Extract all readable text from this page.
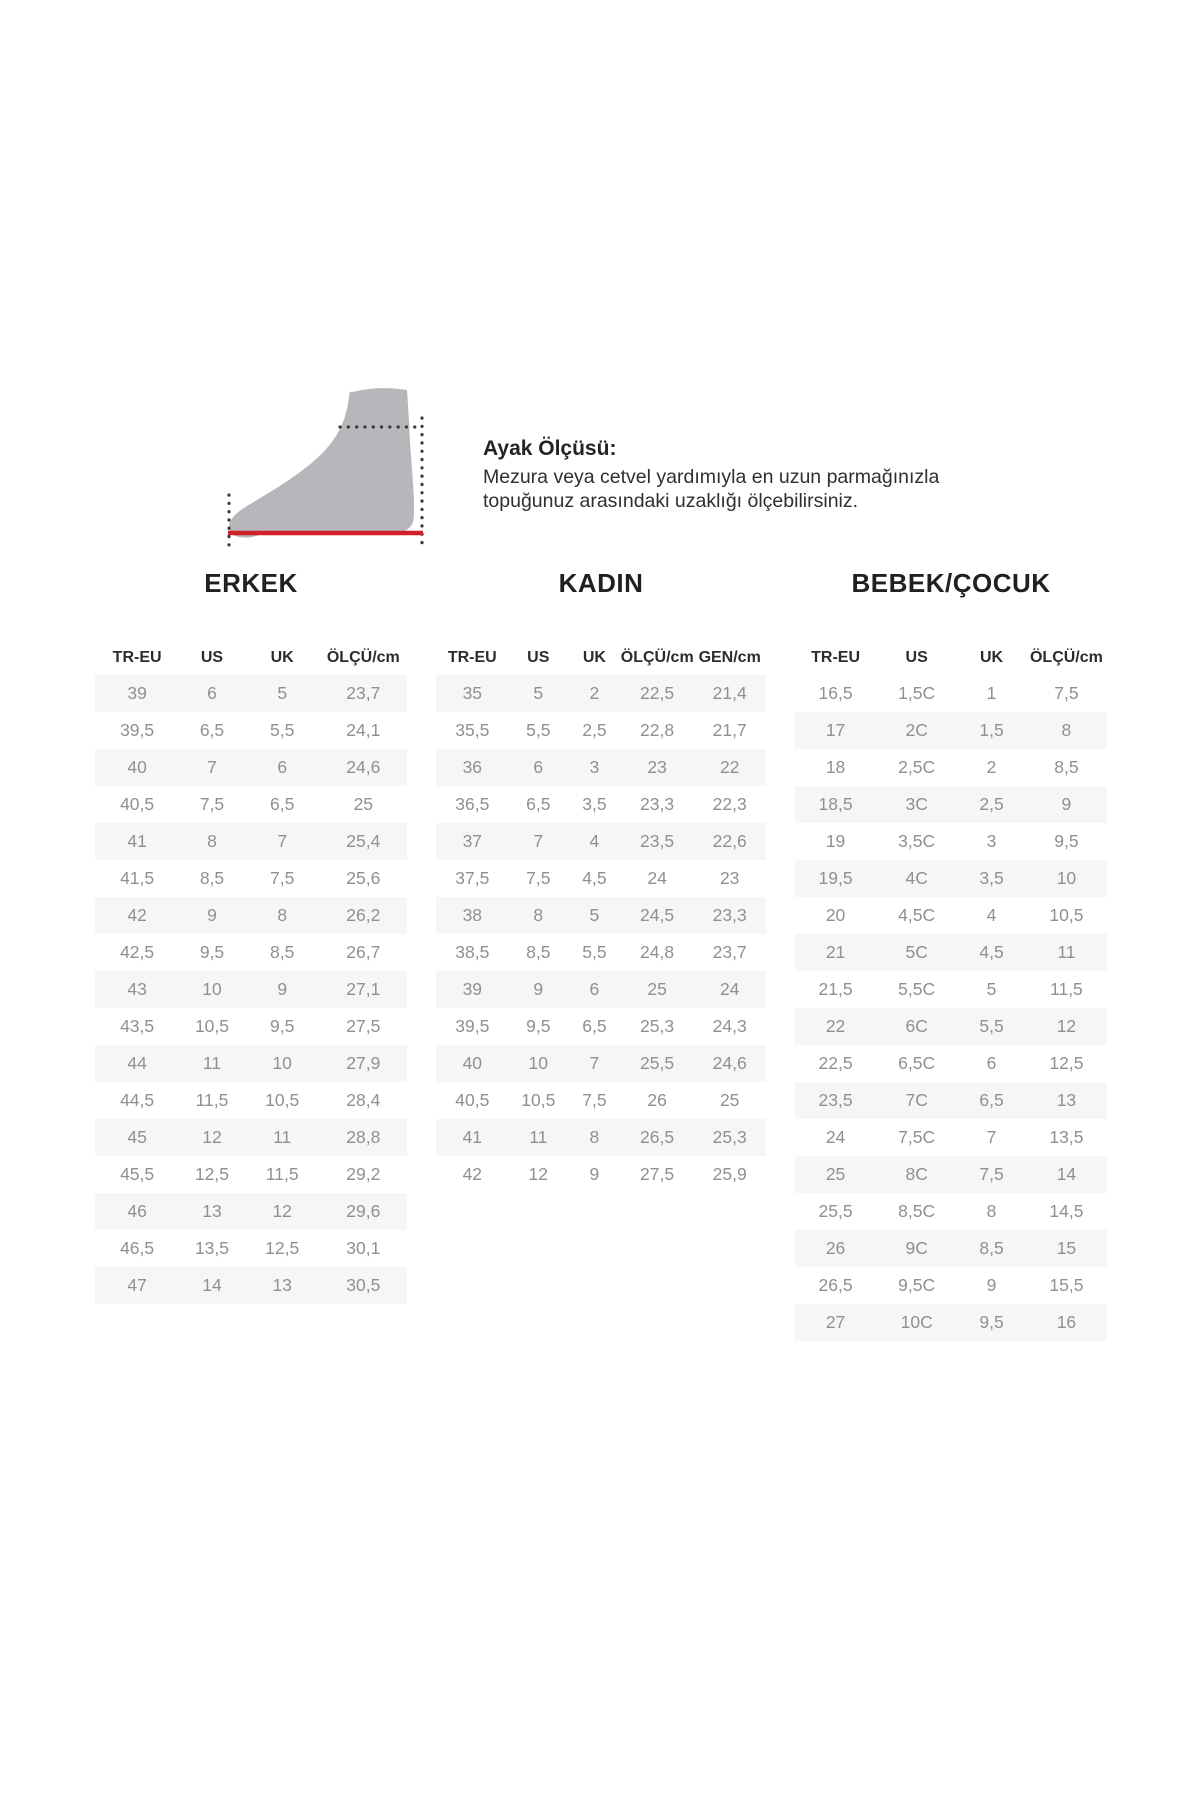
Ayak Ölçüsü:

Mezura veya cetvel yardımıyla en uzun parmağınızla

topuğunuz arasındaki uzaklığı ölçebilirsiniz.

ERKEK
TR-EU	US	UK	ÖLÇÜ/cm
39	6	5	23,7
39,5	6,5	5,5	24,1
40	7	6	24,6
40,5	7,5	6,5	25
41	8	7	25,4
41,5	8,5	7,5	25,6
42	9	8	26,2
42,5	9,5	8,5	26,7
43	10	9	27,1
43,5	10,5	9,5	27,5
44	11	10	27,9
44,5	11,5	10,5	28,4
45	12	11	28,8
45,5	12,5	11,5	29,2
46	13	12	29,6
46,5	13,5	12,5	30,1
47	14	13	30,5
KADIN
TR-EU	US	UK	ÖLÇÜ/cm	GEN/cm
35	5	2	22,5	21,4
35,5	5,5	2,5	22,8	21,7
36	6	3	23	22
36,5	6,5	3,5	23,3	22,3
37	7	4	23,5	22,6
37,5	7,5	4,5	24	23
38	8	5	24,5	23,3
38,5	8,5	5,5	24,8	23,7
39	9	6	25	24
39,5	9,5	6,5	25,3	24,3
40	10	7	25,5	24,6
40,5	10,5	7,5	26	25
41	11	8	26,5	25,3
42	12	9	27,5	25,9
BEBEK/ÇOCUK
TR-EU	US	UK	ÖLÇÜ/cm
16,5	1,5C	1	7,5
17	2C	1,5	8
18	2,5C	2	8,5
18,5	3C	2,5	9
19	3,5C	3	9,5
19,5	4C	3,5	10
20	4,5C	4	10,5
21	5C	4,5	11
21,5	5,5C	5	11,5
22	6C	5,5	12
22,5	6,5C	6	12,5
23,5	7C	6,5	13
24	7,5C	7	13,5
25	8C	7,5	14
25,5	8,5C	8	14,5
26	9C	8,5	15
26,5	9,5C	9	15,5
27	10C	9,5	16
